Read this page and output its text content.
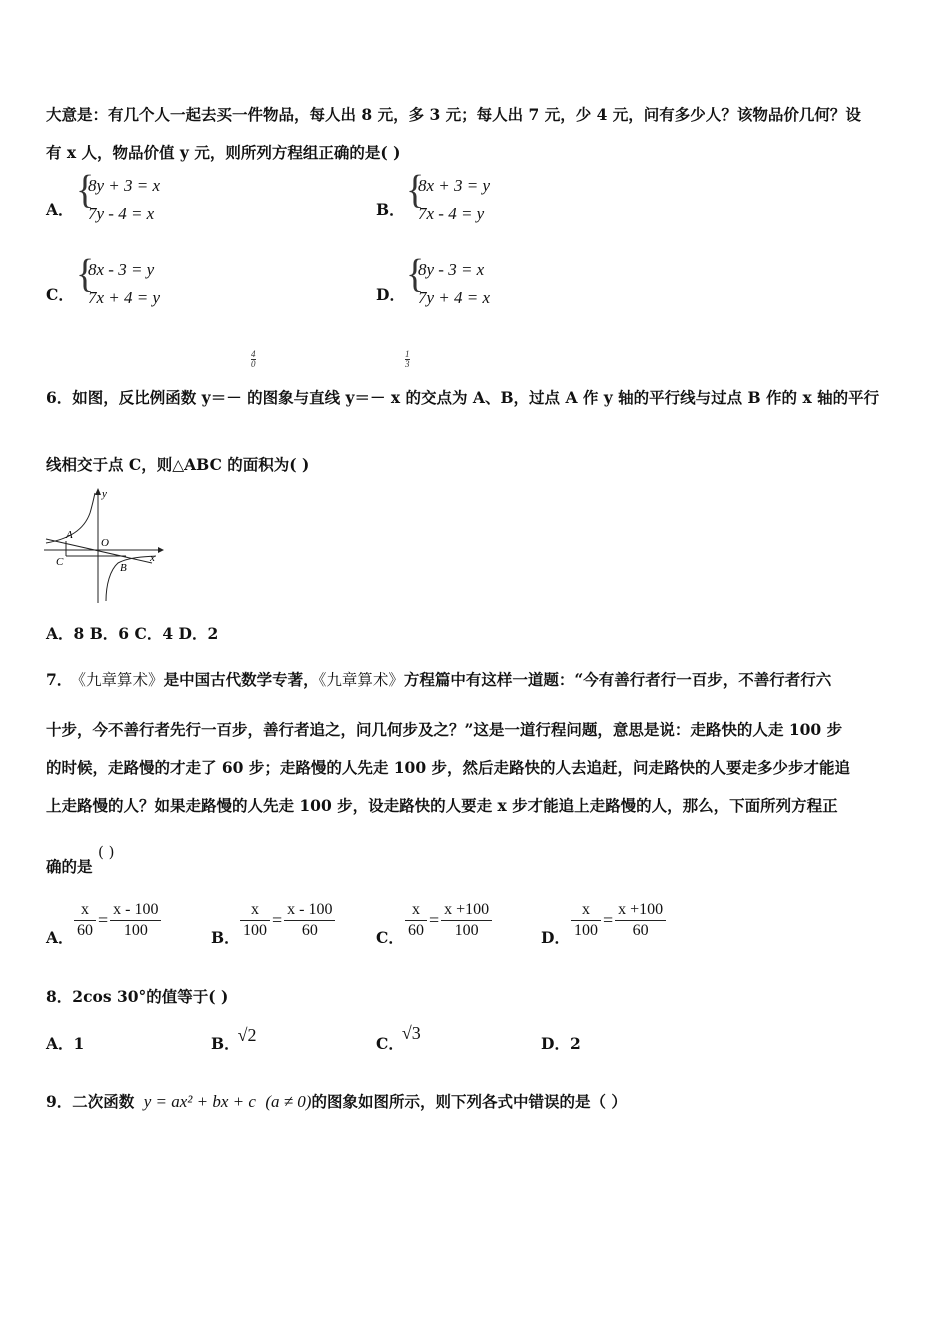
大意是：有几个人一起去买一件物品，每人出 8 元，多 3 元；每人出 7 元，少 4 元，问有多少人？该物品价几何？设
有 x 人，物品价值 y 元，则所列方程组正确的是( )
A． {
8y + 3 = x
7y - 4 = x	B． {
8x + 3 = y
7x - 4 = y
C． {
8x - 3 = y
7x + 4 = y	D． {
8y - 3 = x
7y + 4 = x
$\frac{4}{0}$	$\frac{1}{3}$
6．如图，反比例函数 y＝－ 的图象与直线 y＝－ x 的交点为 A、B，过点 A 作 y 轴的平行线与过点 B 作的 x 轴的平行
线相交于点 C，则△ABC 的面积为( )
y
x
A
O
C	B
A．8 B．6 C．4 D．2
7． 《九章算术》是中国古代数学专著，《九章算术》方程篇中有这样一道题：“今有善行者行一百步，不善行者行六
十步，今不善行者先行一百步，善行者追之，问几何步及之？”这是一道行程问题，意思是说：走路快的人走 100 步
的时候，走路慢的才走了 60 步；走路慢的人先走 100 步，然后走路快的人去追赶，问走路快的人要走多少步才能追
上走路慢的人？如果走路慢的人先走 100 步，设走路快的人要走 x 步才能追上走路慢的人，那么，下面所列方程正
确的是
( )
A． $\frac{x}{60} = \frac{x - 100}{100}$	B． $\frac{x}{100} = \frac{x - 100}{60}$	C． $\frac{x}{60} = \frac{x +100}{100}$	D． $\frac{x}{100} = \frac{x +100}{60}$
8．2cos 30°的值等于( )
A．1	B．√2	C．√3
D．2
9．二次函数 y = ax² + bx + c (a ≠ 0)的图象如图所示，则下列各式中错误的是（ ）
